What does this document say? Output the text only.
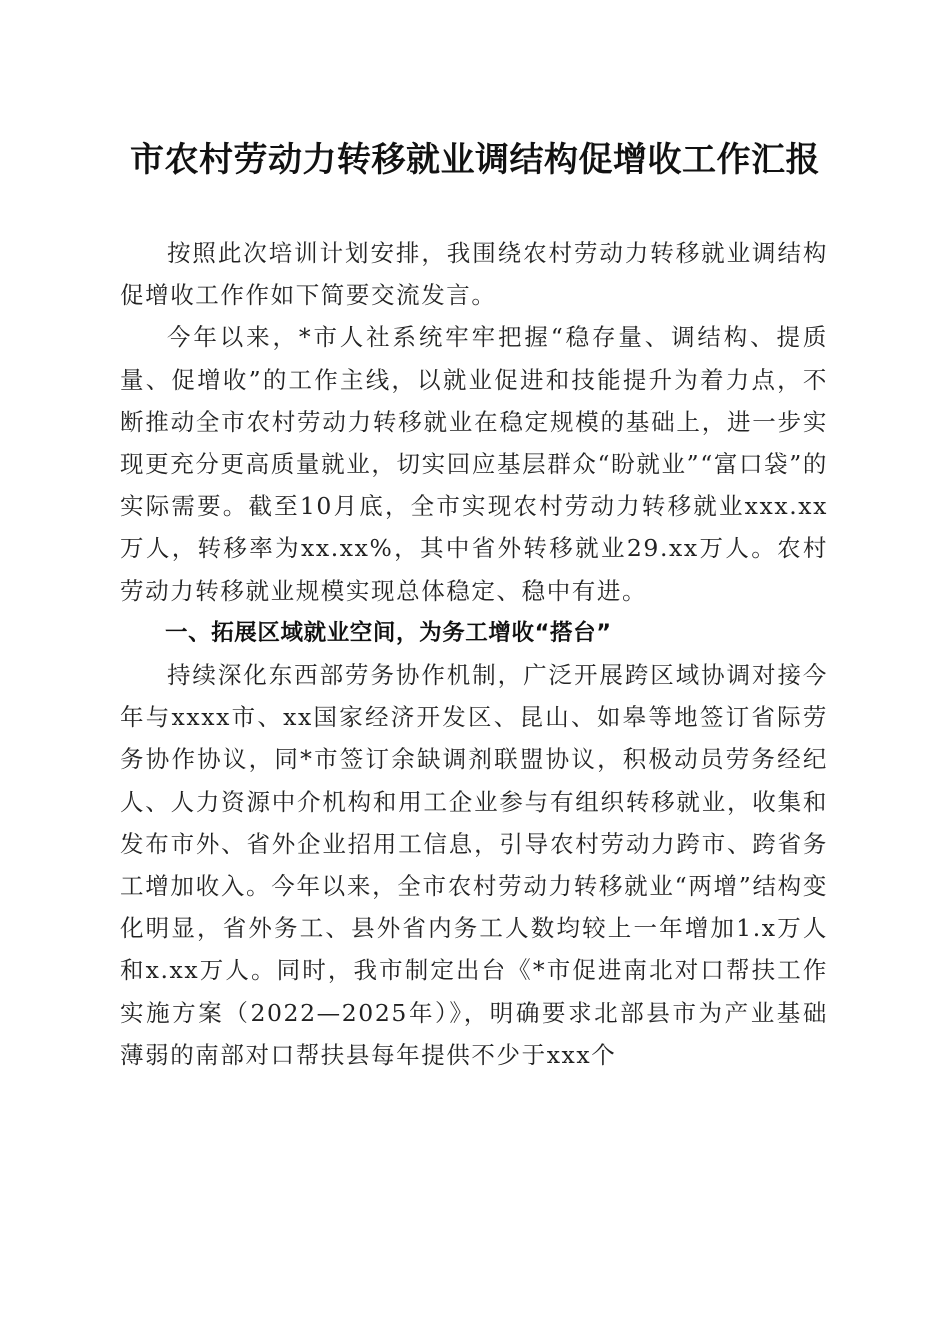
市农村劳动力转移就业调结构促增收工作汇报

按照此次培训计划安排，我围绕农村劳动力转移就业调结构促增收工作作如下简要交流发言。

今年以来，*市人社系统牢牢把握“稳存量、调结构、提质量、促增收”的工作主线，以就业促进和技能提升为着力点，不断推动全市农村劳动力转移就业在稳定规模的基础上，进一步实现更充分更高质量就业，切实回应基层群众“盼就业”“富口袋”的实际需要。截至10月底，全市实现农村劳动力转移就业xxx.xx万人，转移率为xx.xx%，其中省外转移就业29.xx万人。农村劳动力转移就业规模实现总体稳定、稳中有进。

一、拓展区域就业空间，为务工增收“搭台”

持续深化东西部劳务协作机制，广泛开展跨区域协调对接今年与xxxx市、xx国家经济开发区、昆山、如皋等地签订省际劳务协作协议，同*市签订余缺调剂联盟协议，积极动员劳务经纪人、人力资源中介机构和用工企业参与有组织转移就业，收集和发布市外、省外企业招用工信息，引导农村劳动力跨市、跨省务工增加收入。今年以来，全市农村劳动力转移就业“两增”结构变化明显，省外务工、县外省内务工人数均较上一年增加1.x万人和x.xx万人。同时，我市制定出台《*市促进南北对口帮扶工作实施方案（2022—2025年）》，明确要求北部县市为产业基础薄弱的南部对口帮扶县每年提供不少于xxx个
